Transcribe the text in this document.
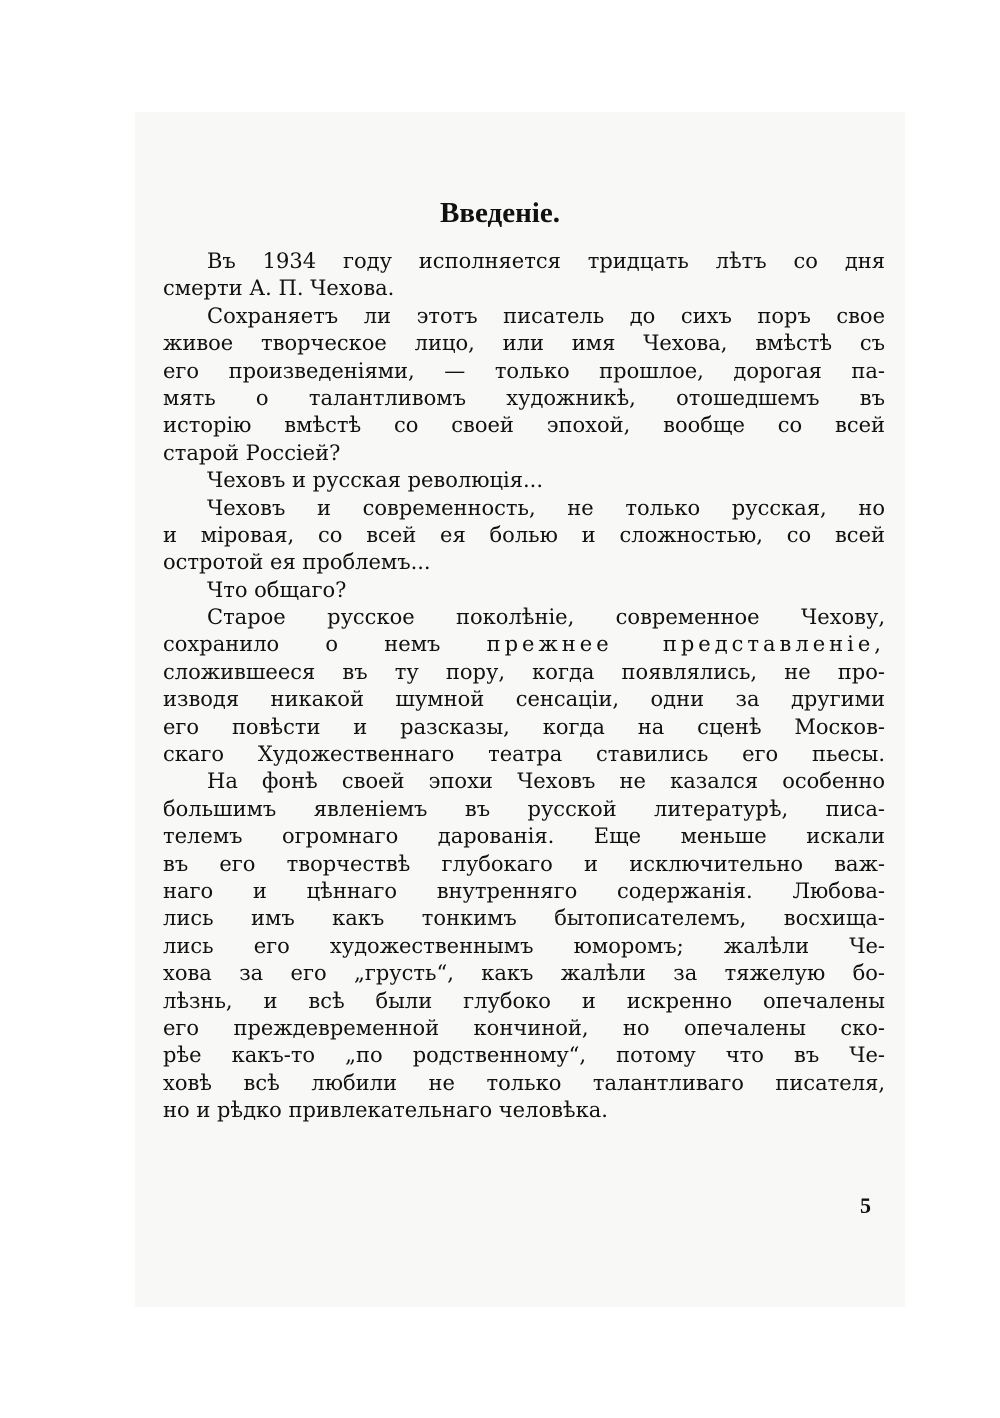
Введеніе.
Въ 1934 году исполняется тридцать лѣтъ со дня
смерти А. П. Чехова.
Сохраняетъ ли этотъ писатель до сихъ поръ свое
живое творческое лицо, или имя Чехова, вмѣстѣ съ
его произведеніями, — только прошлое, дорогая па-
мять о талантливомъ художникѣ, отошедшемъ въ
исторію вмѣстѣ со своей эпохой, вообще со всей
старой Россіей?
Чеховъ и русская революція...
Чеховъ и современность, не только русская, но
и міровая, со всей ея болью и сложностью, со всей
остротой ея проблемъ...
Что общаго?
Старое русское поколѣніе, современное Чехову,
сохранило о немъ прежнее представленіе,
сложившееся въ ту пору, когда появлялись, не про-
изводя никакой шумной сенсаціи, одни за другими
его повѣсти и разсказы, когда на сценѣ Москов-
скаго Художественнаго театра ставились его пьесы.
На фонѣ своей эпохи Чеховъ не казался особенно
большимъ явленіемъ въ русской литературѣ, писа-
телемъ огромнаго дарованія. Еще меньше искали
въ его творчествѣ глубокаго и исключительно важ-
наго и цѣннаго внутренняго содержанія. Любова-
лись имъ какъ тонкимъ бытописателемъ, восхища-
лись его художественнымъ юморомъ; жалѣли Че-
хова за его „грусть“, какъ жалѣли за тяжелую бо-
лѣзнь, и всѣ были глубоко и искренно опечалены
его преждевременной кончиной, но опечалены ско-
рѣе какъ-то „по родственному“, потому что въ Че-
ховѣ всѣ любили не только талантливаго писателя,
но и рѣдко привлекательнаго человѣка.
5
